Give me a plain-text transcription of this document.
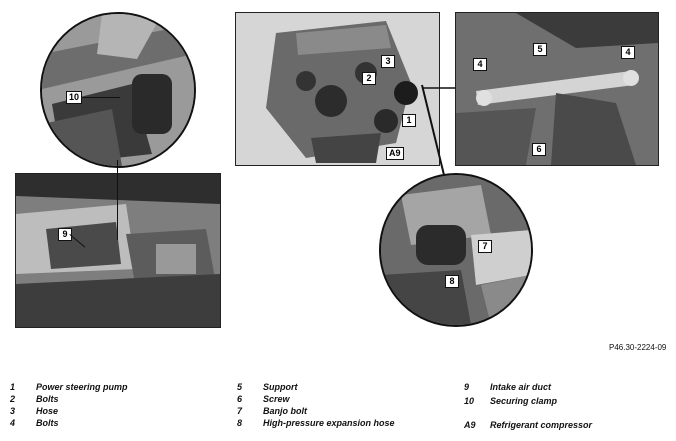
10
9
3
2
1
A9
4
5	4
6
7
8
P46.30-2224-09
1 Power steering pump
2 Bolts
3 Hose
4 Bolts
5 Support
6 Screw
7 Banjo bolt
8 High-pressure expansion hose
9 Intake air duct
10 Securing clamp
A9 Refrigerant compressor
